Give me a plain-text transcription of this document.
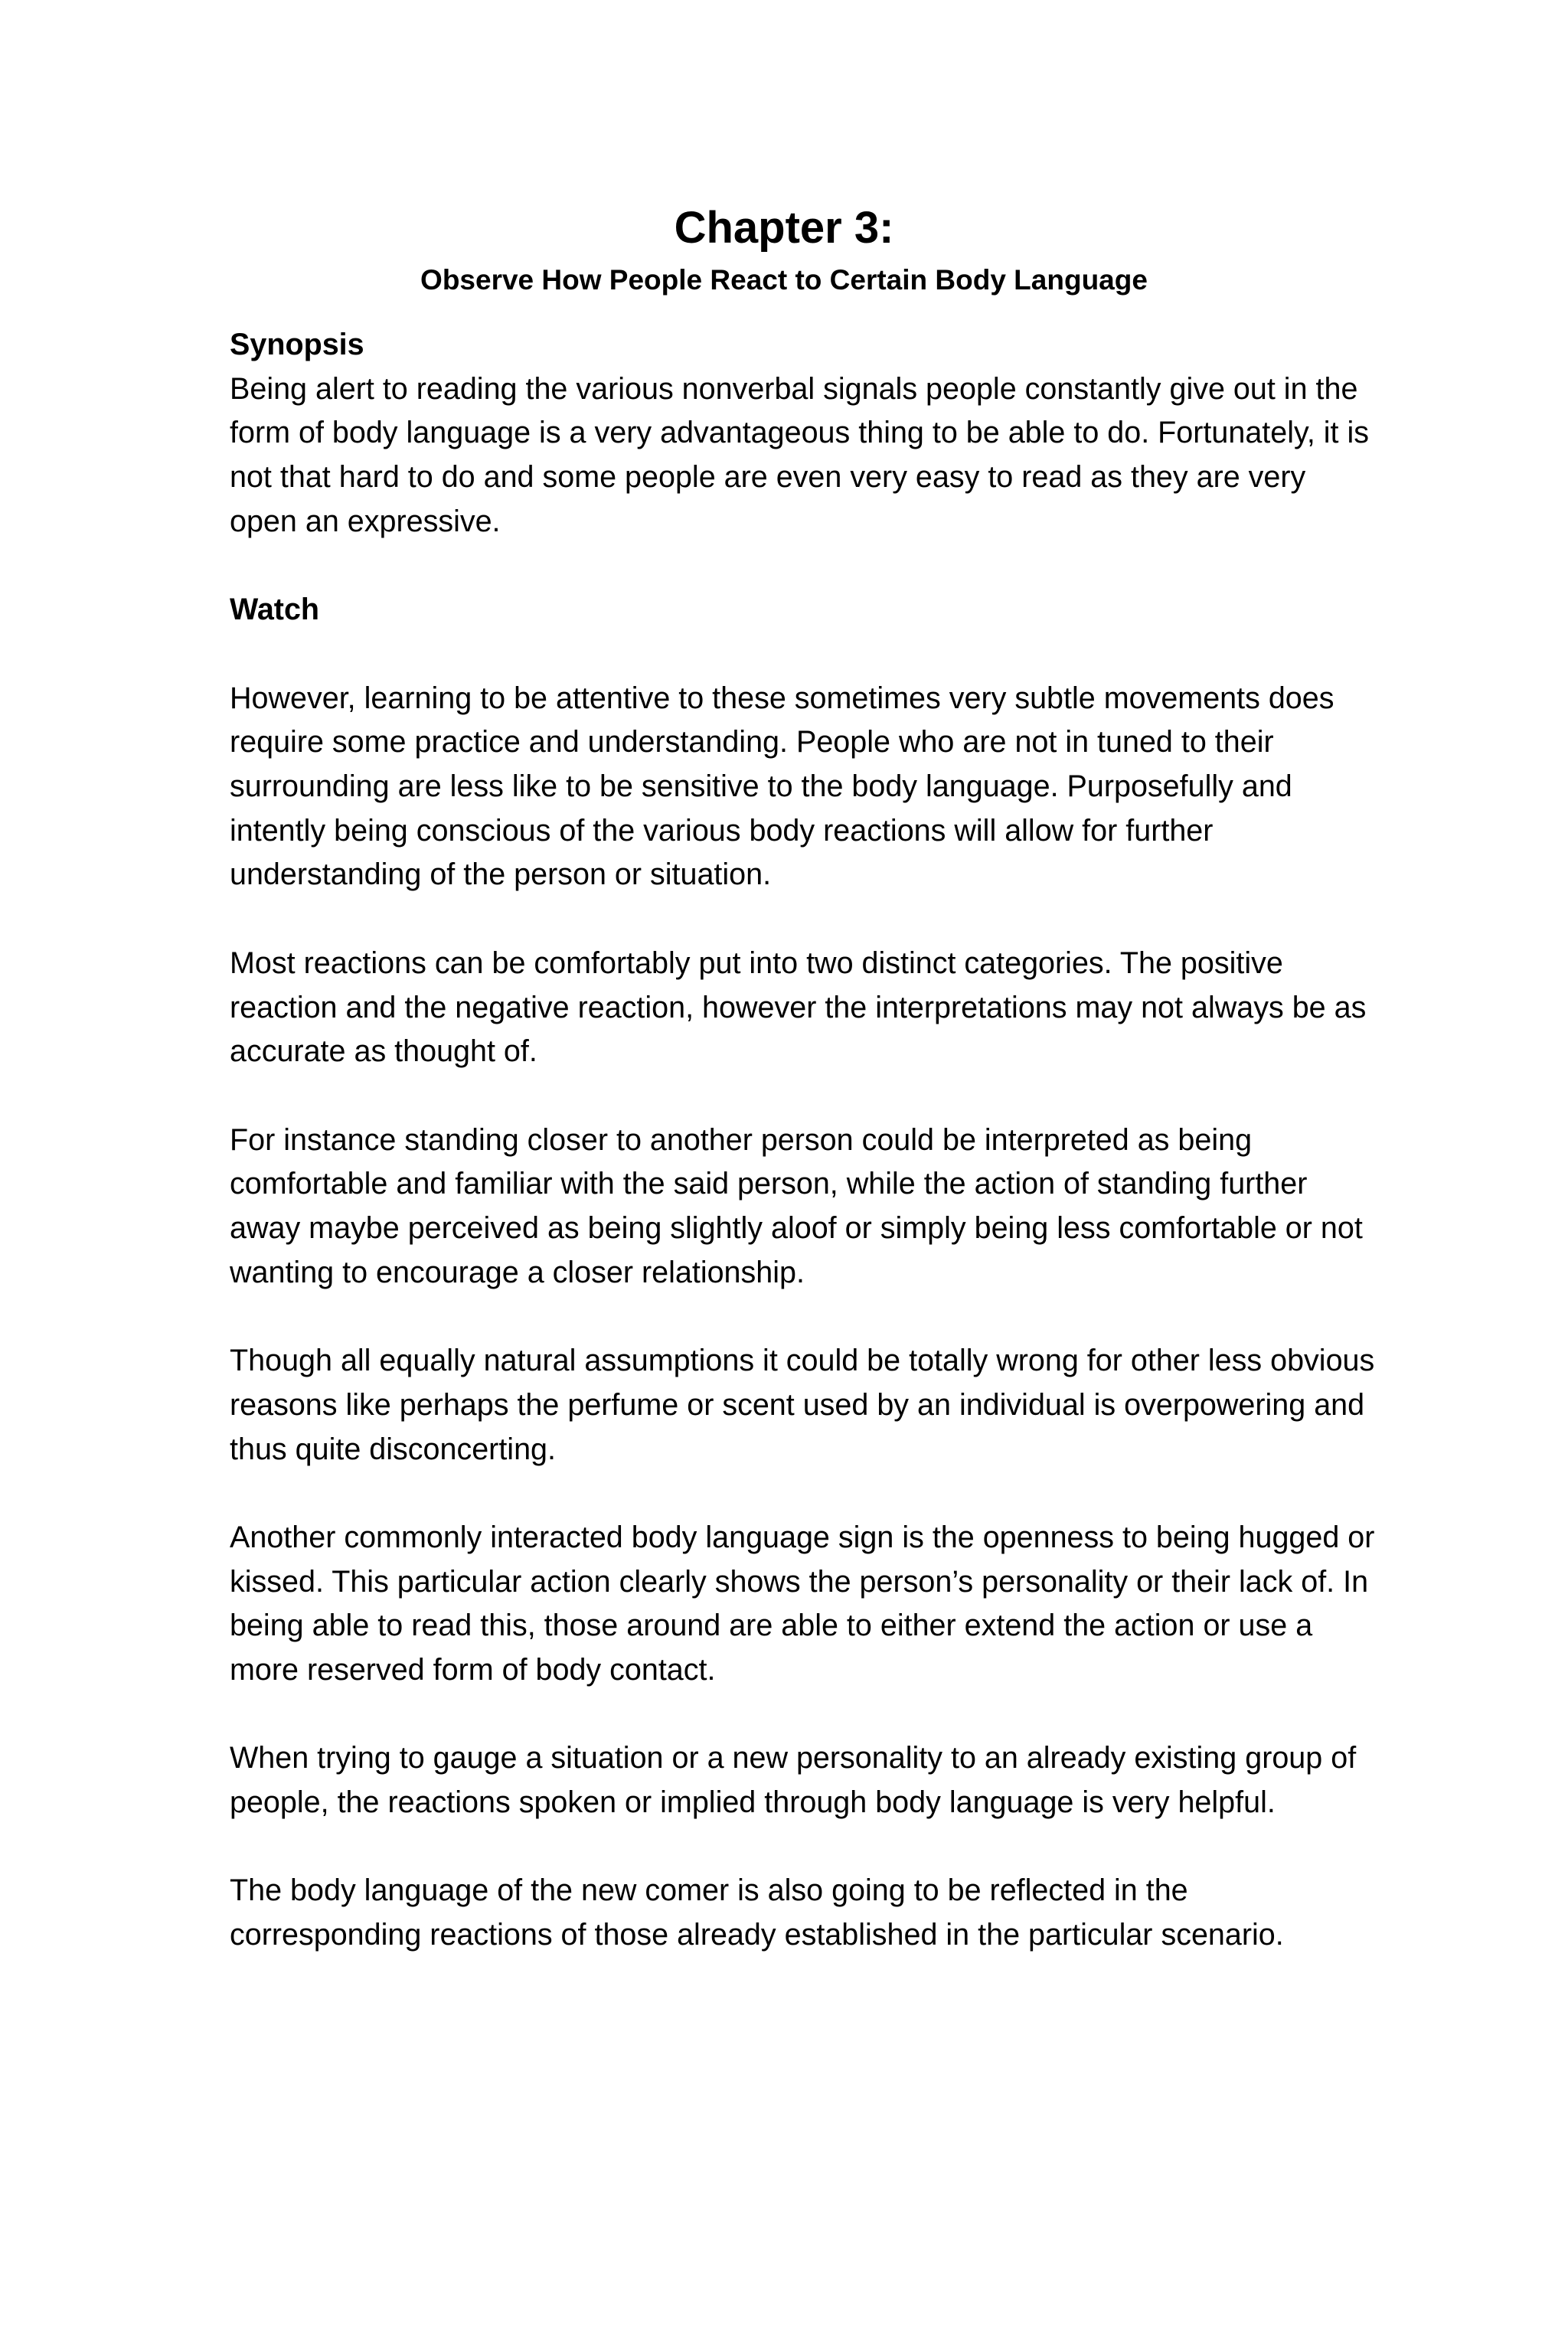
Chapter 3:
Observe How People React to Certain Body Language

Synopsis

Being alert to reading the various nonverbal signals people constantly give out in the form of body language is a very advantageous thing to be able to do. Fortunately, it is not that hard to do and some people are even very easy to read as they are very open an expressive.

Watch

However, learning to be attentive to these sometimes very subtle movements does require some practice and understanding. People who are not in tuned to their surrounding are less like to be sensitive to the body language. Purposefully and intently being conscious of the various body reactions will allow for further understanding of the person or situation.

Most reactions can be comfortably put into two distinct categories. The positive reaction and the negative reaction, however the interpretations may not always be as accurate as thought of.

For instance standing closer to another person could be interpreted as being comfortable and familiar with the said person, while the action of standing further away maybe perceived as being slightly aloof or simply being less comfortable or not wanting to encourage a closer relationship.

Though all equally natural assumptions it could be totally wrong for other less obvious reasons like perhaps the perfume or scent used by an individual is overpowering and thus quite disconcerting.

Another commonly interacted body language sign is the openness to being hugged or kissed. This particular action clearly shows the person’s personality or their lack of. In being able to read this, those around are able to either extend the action or use a more reserved form of body contact.

When trying to gauge a situation or a new personality to an already existing group of people, the reactions spoken or implied through body language is very helpful.

The body language of the new comer is also going to be reflected in the corresponding reactions of those already established in the particular scenario.
